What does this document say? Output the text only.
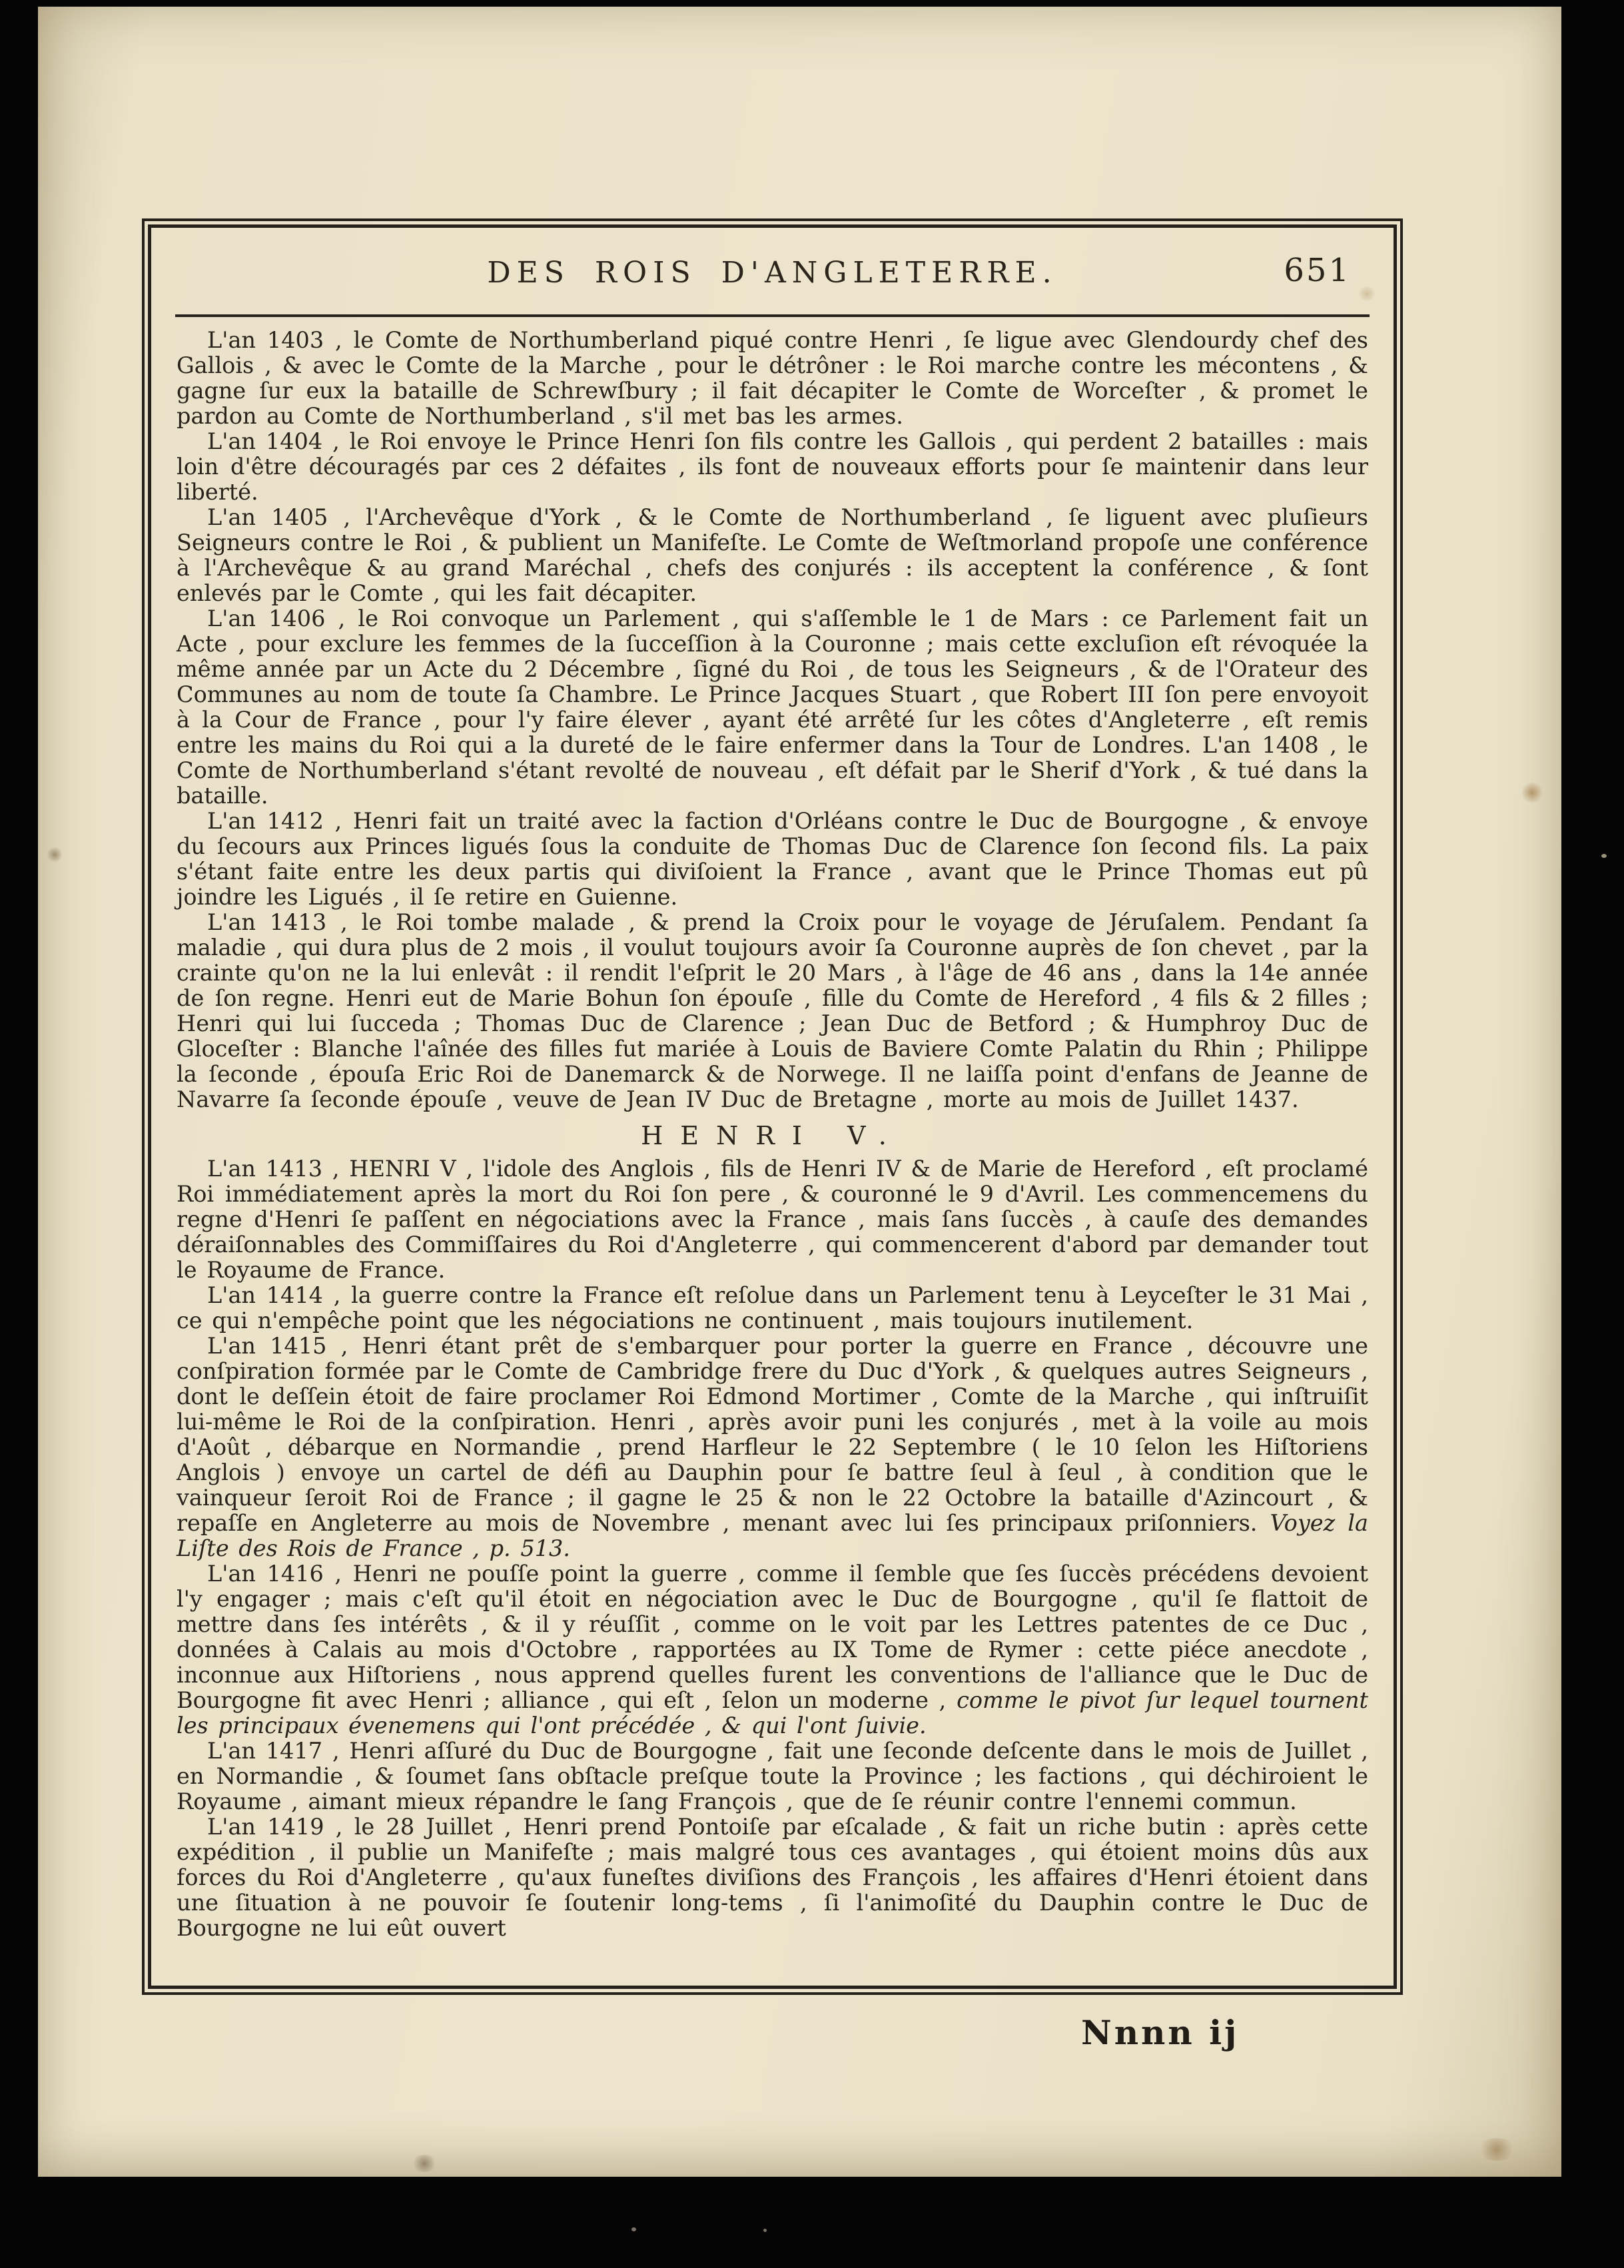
DES ROIS D'ANGLETERRE.	651

L'an 1403 , le Comte de Northumberland piqué contre Henri , ſe ligue avec Glendourdy chef des Gallois , & avec le Comte de la Marche , pour le détrôner : le Roi marche contre les mécontens , & gagne ſur eux la bataille de Schrewſbury ; il fait décapiter le Comte de Worceſter , & promet le pardon au Comte de Northumberland , s'il met bas les armes.

L'an 1404 , le Roi envoye le Prince Henri ſon fils contre les Gallois , qui perdent 2 batailles : mais loin d'être découragés par ces 2 défaites , ils font de nouveaux efforts pour ſe maintenir dans leur liberté.

L'an 1405 , l'Archevêque d'York , & le Comte de Northumberland , ſe liguent avec pluſieurs Seigneurs contre le Roi , & publient un Manifeſte. Le Comte de Weſtmorland propoſe une conférence à l'Archevêque & au grand Maréchal , chefs des conjurés : ils acceptent la conférence , & ſont enlevés par le Comte , qui les fait décapiter.

L'an 1406 , le Roi convoque un Parlement , qui s'aſſemble le 1 de Mars : ce Parlement fait un Acte , pour exclure les femmes de la ſucceſſion à la Couronne ; mais cette excluſion eſt révoquée la même année par un Acte du 2 Décembre , ſigné du Roi , de tous les Seigneurs , & de l'Orateur des Communes au nom de toute ſa Chambre. Le Prince Jacques Stuart , que Robert III ſon pere envoyoit à la Cour de France , pour l'y faire élever , ayant été arrêté ſur les côtes d'Angleterre , eſt remis entre les mains du Roi qui a la dureté de le faire enfermer dans la Tour de Londres. L'an 1408 , le Comte de Northumberland s'étant revolté de nouveau , eſt défait par le Sherif d'York , & tué dans la bataille.

L'an 1412 , Henri fait un traité avec la faction d'Orléans contre le Duc de Bourgogne , & envoye du ſecours aux Princes ligués ſous la conduite de Thomas Duc de Clarence ſon ſecond fils. La paix s'étant faite entre les deux partis qui diviſoient la France , avant que le Prince Thomas eut pû joindre les Ligués , il ſe retire en Guienne.

L'an 1413 , le Roi tombe malade , & prend la Croix pour le voyage de Jéruſalem. Pendant ſa maladie , qui dura plus de 2 mois , il voulut toujours avoir ſa Couronne auprès de ſon chevet , par la crainte qu'on ne la lui enlevât : il rendit l'eſprit le 20 Mars , à l'âge de 46 ans , dans la 14e année de ſon regne. Henri eut de Marie Bohun ſon épouſe , fille du Comte de Hereford , 4 fils & 2 filles ; Henri qui lui ſucceda ; Thomas Duc de Clarence ; Jean Duc de Betford ; & Humphroy Duc de Gloceſter : Blanche l'aînée des filles fut mariée à Louis de Baviere Comte Palatin du Rhin ; Philippe la ſeconde , épouſa Eric Roi de Danemarck & de Norwege. Il ne laiſſa point d'enfans de Jeanne de Navarre ſa ſeconde épouſe , veuve de Jean IV Duc de Bretagne , morte au mois de Juillet 1437.

HENRI V.

L'an 1413 , HENRI V , l'idole des Anglois , fils de Henri IV & de Marie de Hereford , eſt proclamé Roi immédiatement après la mort du Roi ſon pere , & couronné le 9 d'Avril. Les commencemens du regne d'Henri ſe paſſent en négociations avec la France , mais ſans ſuccès , à cauſe des demandes déraiſonnables des Commiſſaires du Roi d'Angleterre , qui commencerent d'abord par demander tout le Royaume de France.

L'an 1414 , la guerre contre la France eſt reſolue dans un Parlement tenu à Leyceſter le 31 Mai , ce qui n'empêche point que les négociations ne continuent , mais toujours inutilement.

L'an 1415 , Henri étant prêt de s'embarquer pour porter la guerre en France , découvre une conſpiration formée par le Comte de Cambridge frere du Duc d'York , & quelques autres Seigneurs , dont le deſſein étoit de faire proclamer Roi Edmond Mortimer , Comte de la Marche , qui inſtruiſit lui-même le Roi de la conſpiration. Henri , après avoir puni les conjurés , met à la voile au mois d'Août , débarque en Normandie , prend Harfleur le 22 Septembre ( le 10 ſelon les Hiſtoriens Anglois ) envoye un cartel de défi au Dauphin pour ſe battre ſeul à ſeul , à condition que le vainqueur ſeroit Roi de France ; il gagne le 25 & non le 22 Octobre la bataille d'Azincourt , & repaſſe en Angleterre au mois de Novembre , menant avec lui ſes principaux priſonniers. Voyez la Liſte des Rois de France , p. 513.

L'an 1416 , Henri ne pouſſe point la guerre , comme il ſemble que ſes ſuccès précédens devoient l'y engager ; mais c'eſt qu'il étoit en négociation avec le Duc de Bourgogne , qu'il ſe flattoit de mettre dans ſes intérêts , & il y réuſſit , comme on le voit par les Lettres patentes de ce Duc , données à Calais au mois d'Octobre , rapportées au IX Tome de Rymer : cette piéce anecdote , inconnue aux Hiſtoriens , nous apprend quelles furent les conventions de l'alliance que le Duc de Bourgogne fit avec Henri ; alliance , qui eſt , ſelon un moderne , comme le pivot ſur lequel tournent les principaux évenemens qui l'ont précédée , & qui l'ont ſuivie.

L'an 1417 , Henri aſſuré du Duc de Bourgogne , fait une ſeconde deſcente dans le mois de Juillet , en Normandie , & ſoumet ſans obſtacle preſque toute la Province ; les factions , qui déchiroient le Royaume , aimant mieux répandre le ſang François , que de ſe réunir contre l'ennemi commun.

L'an 1419 , le 28 Juillet , Henri prend Pontoiſe par eſcalade , & fait un riche butin : après cette expédition , il publie un Manifeſte ; mais malgré tous ces avantages , qui étoient moins dûs aux forces du Roi d'Angleterre , qu'aux funeſtes diviſions des François , les affaires d'Henri étoient dans une ſituation à ne pouvoir ſe ſoutenir long-tems , ſi l'animoſité du Dauphin contre le Duc de Bourgogne ne lui eût ouvert

Nnnn ij
